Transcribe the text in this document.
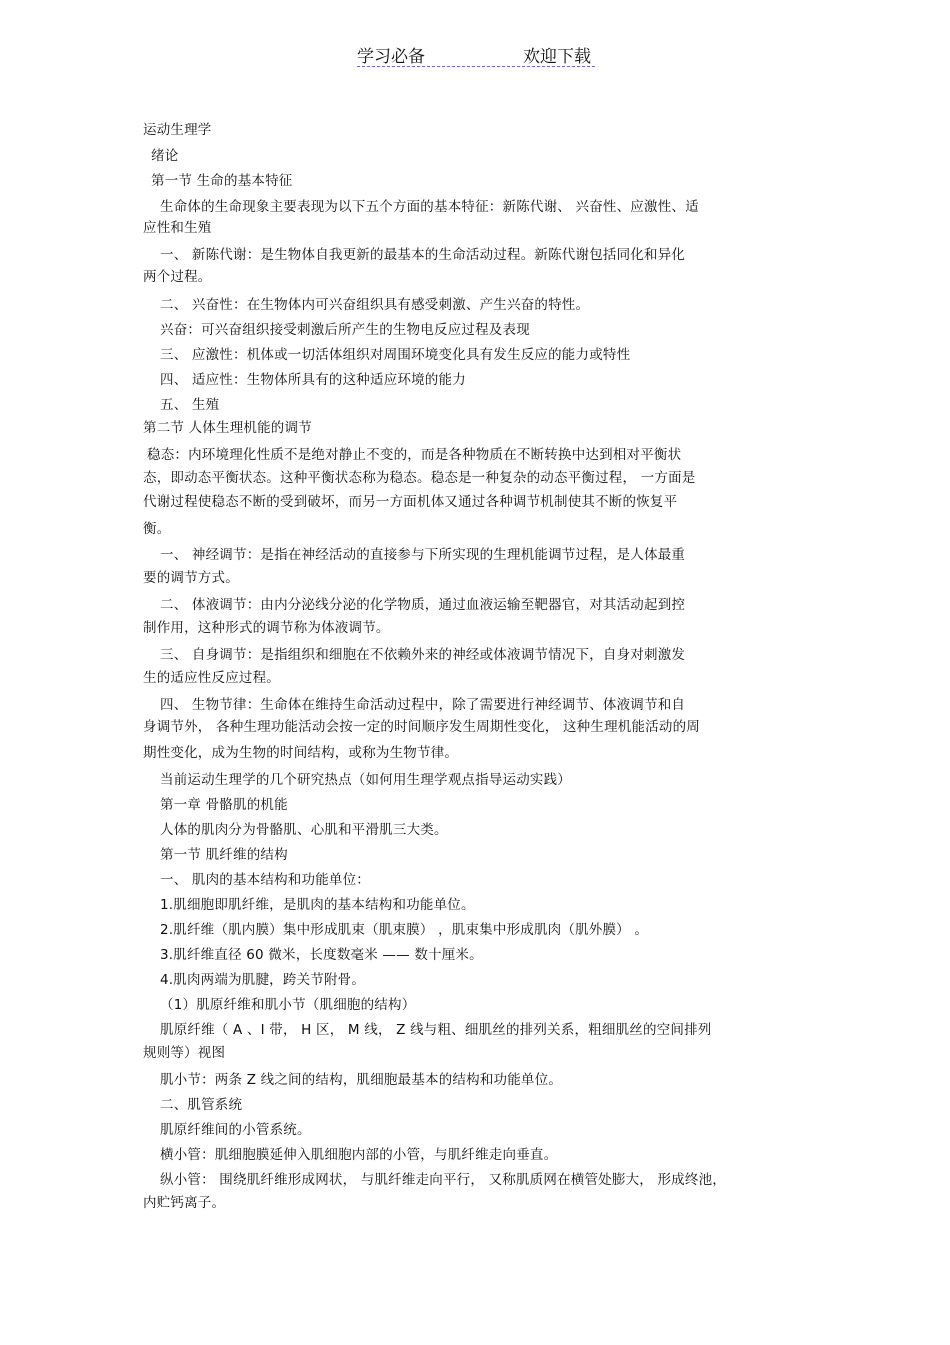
学习必备	欢迎下载
运动生理学
绪论
第一节 生命的基本特征
生命体的生命现象主要表现为以下五个方面的基本特征：新陈代谢、 兴奋性、应激性、适
应性和生殖
一、 新陈代谢：是生物体自我更新的最基本的生命活动过程。新陈代谢包括同化和异化
两个过程。
二、 兴奋性：在生物体内可兴奋组织具有感受刺激、产生兴奋的特性。
兴奋：可兴奋组织接受刺激后所产生的生物电反应过程及表现
三、 应激性：机体或一切活体组织对周围环境变化具有发生反应的能力或特性
四、 适应性：生物体所具有的这种适应环境的能力
五、 生殖
第二节 人体生理机能的调节
稳态：内环境理化性质不是绝对静止不变的，而是各种物质在不断转换中达到相对平衡状
态，即动态平衡状态。这种平衡状态称为稳态。稳态是一种复杂的动态平衡过程， 一方面是
代谢过程使稳态不断的受到破坏，而另一方面机体又通过各种调节机制使其不断的恢复平
衡。
一、 神经调节：是指在神经活动的直接参与下所实现的生理机能调节过程，是人体最重
要的调节方式。
二、 体液调节：由内分泌线分泌的化学物质，通过血液运输至靶器官，对其活动起到控
制作用，这种形式的调节称为体液调节。
三、 自身调节：是指组织和细胞在不依赖外来的神经或体液调节情况下，自身对刺激发
生的适应性反应过程。
四、 生物节律：生命体在维持生命活动过程中，除了需要进行神经调节、体液调节和自
身调节外， 各种生理功能活动会按一定的时间顺序发生周期性变化， 这种生理机能活动的周
期性变化，成为生物的时间结构，或称为生物节律。
当前运动生理学的几个研究热点（如何用生理学观点指导运动实践）
第一章 骨骼肌的机能
人体的肌肉分为骨骼肌、心肌和平滑肌三大类。
第一节 肌纤维的结构
一、 肌肉的基本结构和功能单位：
1.肌细胞即肌纤维，是肌肉的基本结构和功能单位。
2.肌纤维（肌内膜）集中形成肌束（肌束膜） ，肌束集中形成肌肉（肌外膜） 。
3.肌纤维直径 60 微米，长度数毫米 —— 数十厘米。
4.肌肉两端为肌腱，跨关节附骨。
（1）肌原纤维和肌小节（肌细胞的结构）
肌原纤维（ A 、I 带， H 区， M 线， Z 线与粗、细肌丝的排列关系，粗细肌丝的空间排列
规则等）视图
肌小节：两条 Z 线之间的结构，肌细胞最基本的结构和功能单位。
二、肌管系统
肌原纤维间的小管系统。
横小管：肌细胞膜延伸入肌细胞内部的小管，与肌纤维走向垂直。
纵小管： 围绕肌纤维形成网状， 与肌纤维走向平行， 又称肌质网在横管处膨大， 形成终池，
内贮钙离子。
